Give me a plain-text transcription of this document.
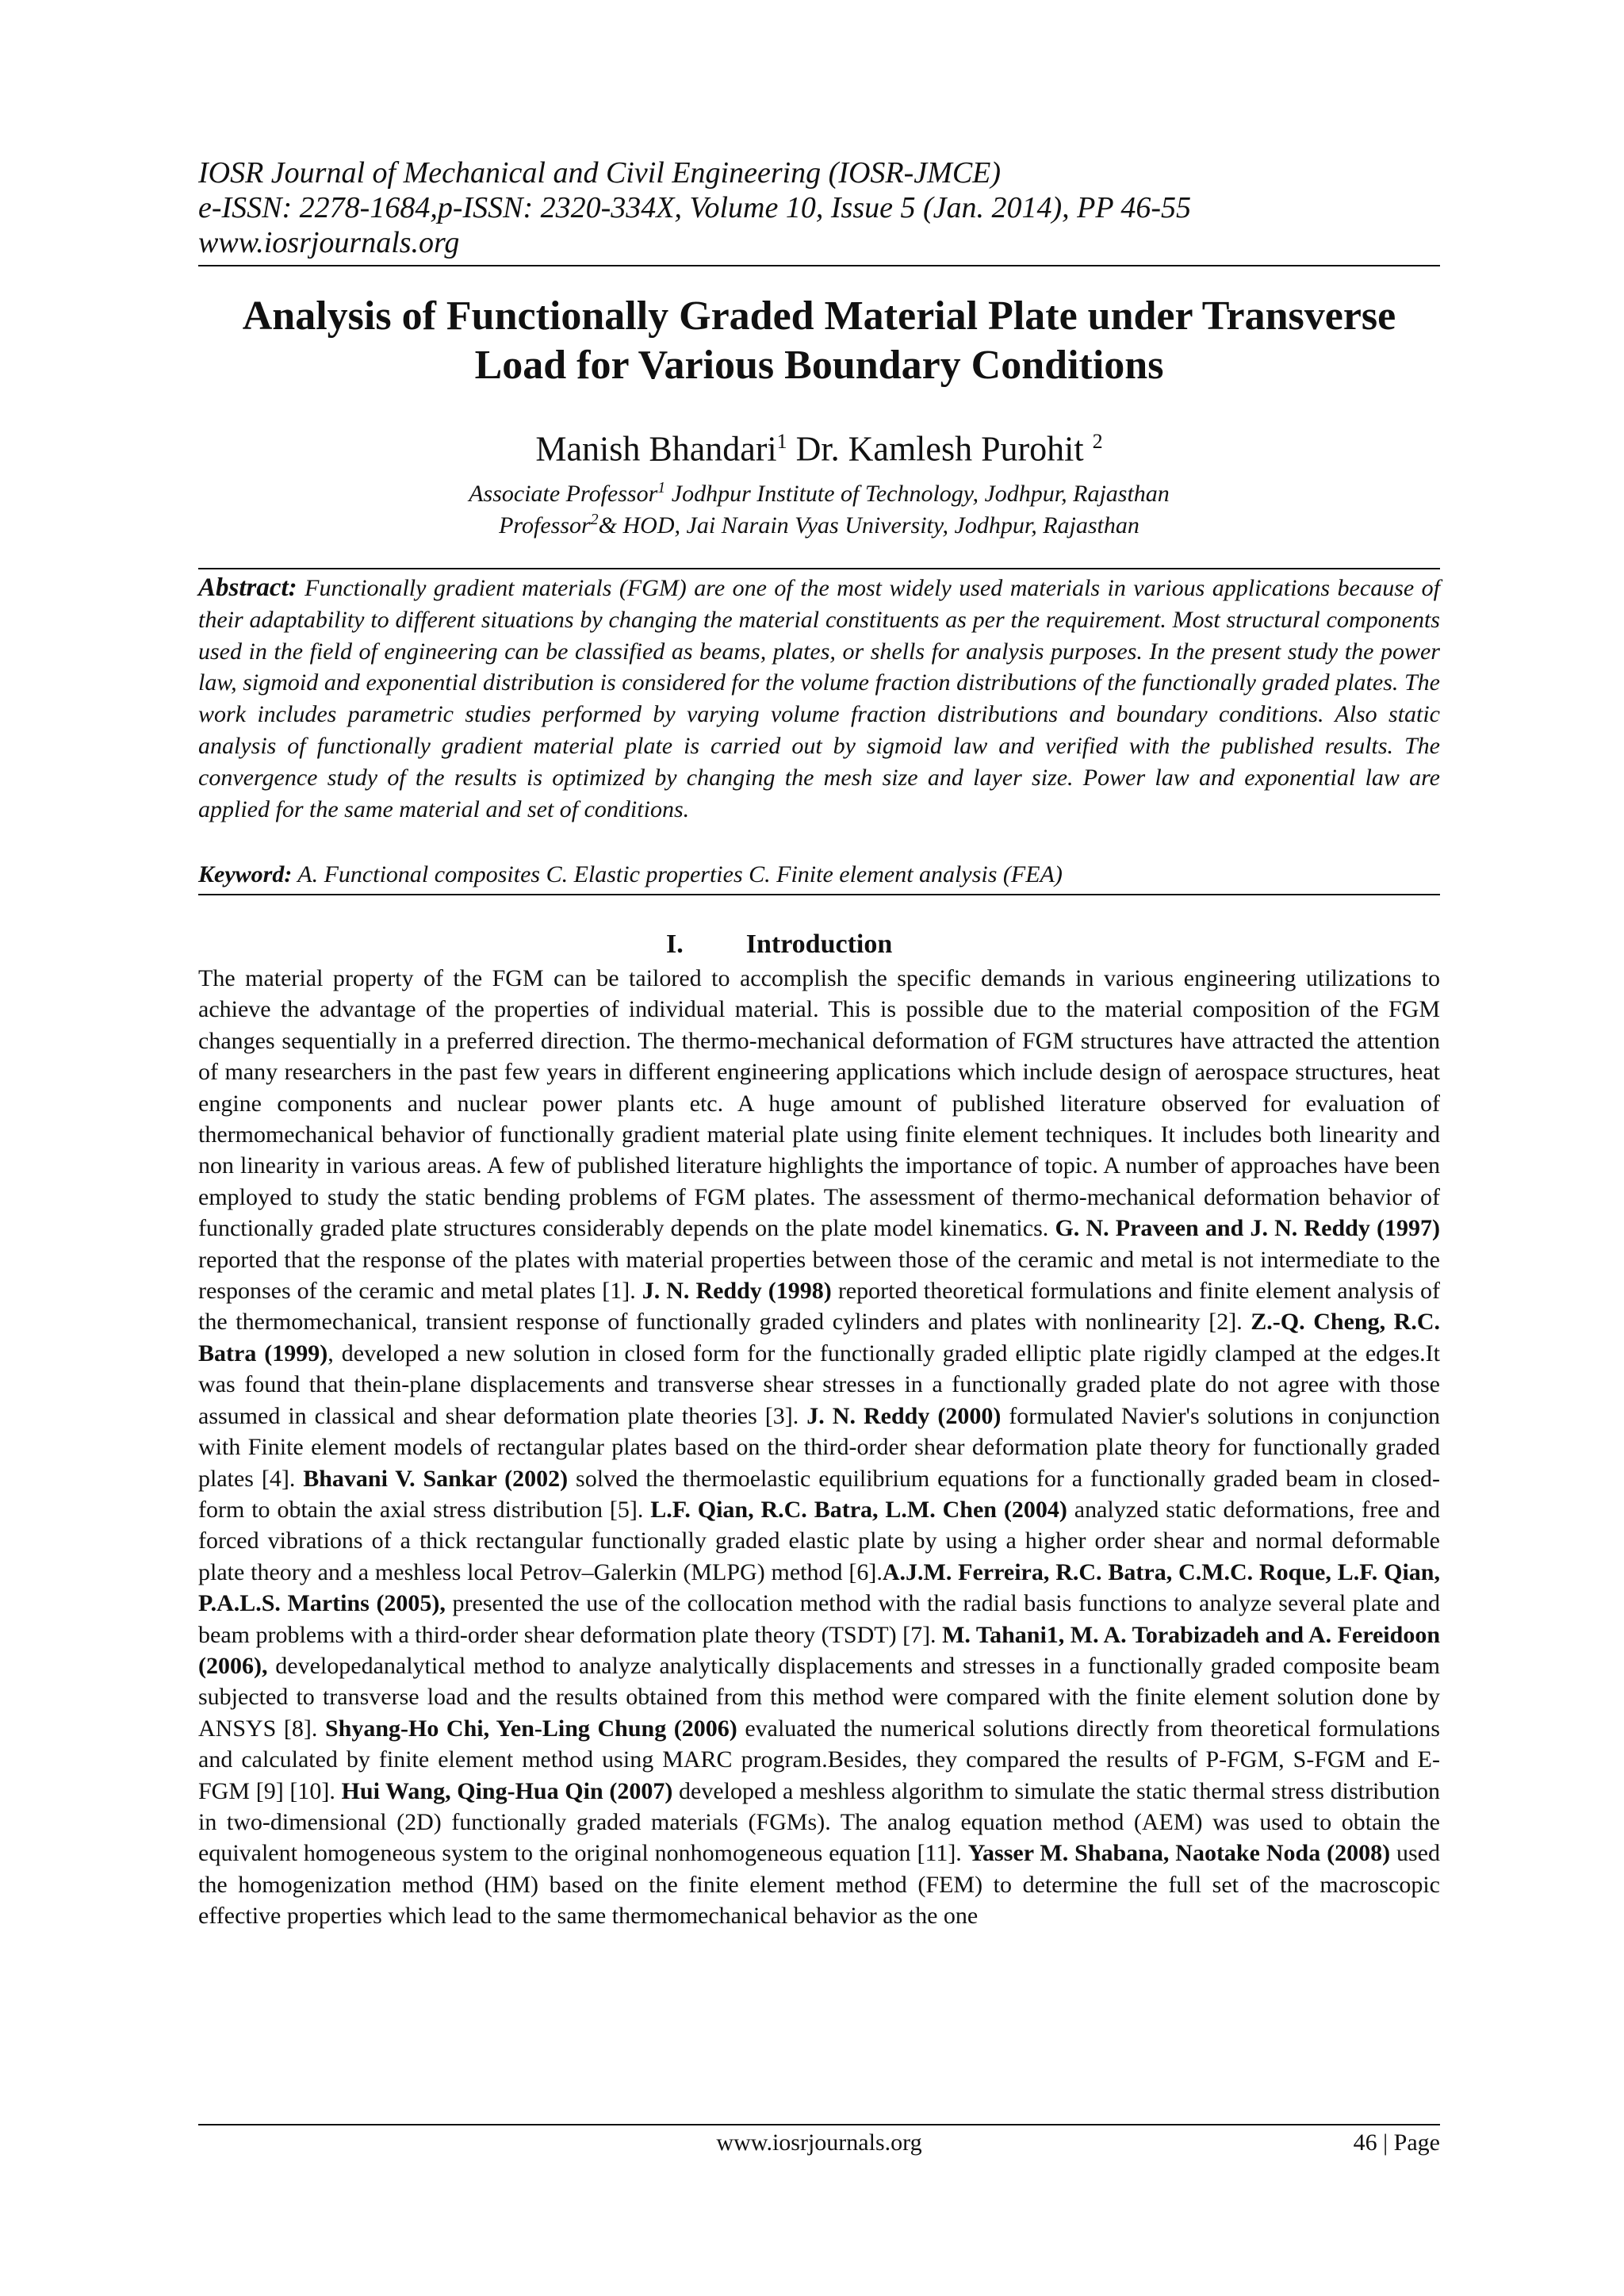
IOSR Journal of Mechanical and Civil Engineering (IOSR-JMCE)

e-ISSN: 2278-1684,p-ISSN: 2320-334X, Volume 10, Issue 5 (Jan. 2014), PP 46-55

www.iosrjournals.org

Analysis of Functionally Graded Material Plate under Transverse
Load for Various Boundary Conditions

Manish Bhandari$^1$ Dr. Kamlesh Purohit $^2$

Associate Professor$^1$ Jodhpur Institute of Technology, Jodhpur, Rajasthan

Professor$^2$& HOD, Jai Narain Vyas University, Jodhpur, Rajasthan

Abstract: Functionally gradient materials (FGM) are one of the most widely used materials in various applications because of their adaptability to different situations by changing the material constituents as per the requirement. Most structural components used in the field of engineering can be classified as beams, plates, or shells for analysis purposes. In the present study the power law, sigmoid and exponential distribution is considered for the volume fraction distributions of the functionally graded plates. The work includes parametric studies performed by varying volume fraction distributions and boundary conditions. Also static analysis of functionally gradient material plate is carried out by sigmoid law and verified with the published results. The convergence study of the results is optimized by changing the mesh size and layer size. Power law and exponential law are applied for the same material and set of conditions.

Keyword: A. Functional composites C. Elastic properties C. Finite element analysis (FEA)

I. Introduction

The material property of the FGM can be tailored to accomplish the specific demands in various engineering utilizations to achieve the advantage of the properties of individual material. This is possible due to the material composition of the FGM changes sequentially in a preferred direction. The thermo-mechanical deformation of FGM structures have attracted the attention of many researchers in the past few years in different engineering applications which include design of aerospace structures, heat engine components and nuclear power plants etc. A huge amount of published literature observed for evaluation of thermomechanical behavior of functionally gradient material plate using finite element techniques. It includes both linearity and non linearity in various areas. A few of published literature highlights the importance of topic. A number of approaches have been employed to study the static bending problems of FGM plates. The assessment of thermo-mechanical deformation behavior of functionally graded plate structures considerably depends on the plate model kinematics. G. N. Praveen and J. N. Reddy (1997) reported that the response of the plates with material properties between those of the ceramic and metal is not intermediate to the responses of the ceramic and metal plates [1]. J. N. Reddy (1998) reported theoretical formulations and finite element analysis of the thermomechanical, transient response of functionally graded cylinders and plates with nonlinearity [2]. Z.-Q. Cheng, R.C. Batra (1999), developed a new solution in closed form for the functionally graded elliptic plate rigidly clamped at the edges.It was found that thein-plane displacements and transverse shear stresses in a functionally graded plate do not agree with those assumed in classical and shear deformation plate theories [3]. J. N. Reddy (2000) formulated Navier's solutions in conjunction with Finite element models of rectangular plates based on the third-order shear deformation plate theory for functionally graded plates [4]. Bhavani V. Sankar (2002) solved the thermoelastic equilibrium equations for a functionally graded beam in closed-form to obtain the axial stress distribution [5]. L.F. Qian, R.C. Batra, L.M. Chen (2004) analyzed static deformations, free and forced vibrations of a thick rectangular functionally graded elastic plate by using a higher order shear and normal deformable plate theory and a meshless local Petrov–Galerkin (MLPG) method [6].A.J.M. Ferreira, R.C. Batra, C.M.C. Roque, L.F. Qian, P.A.L.S. Martins (2005), presented the use of the collocation method with the radial basis functions to analyze several plate and beam problems with a third-order shear deformation plate theory (TSDT) [7]. M. Tahani1, M. A. Torabizadeh and A. Fereidoon (2006), developedanalytical method to analyze analytically displacements and stresses in a functionally graded composite beam subjected to transverse load and the results obtained from this method were compared with the finite element solution done by ANSYS [8]. Shyang-Ho Chi, Yen-Ling Chung (2006) evaluated the numerical solutions directly from theoretical formulations and calculated by finite element method using MARC program.Besides, they compared the results of P-FGM, S-FGM and E-FGM [9] [10]. Hui Wang, Qing-Hua Qin (2007) developed a meshless algorithm to simulate the static thermal stress distribution in two-dimensional (2D) functionally graded materials (FGMs). The analog equation method (AEM) was used to obtain the equivalent homogeneous system to the original nonhomogeneous equation [11]. Yasser M. Shabana, Naotake Noda (2008) used the homogenization method (HM) based on the finite element method (FEM) to determine the full set of the macroscopic effective properties which lead to the same thermomechanical behavior as the one

www.iosrjournals.org	46 | Page
